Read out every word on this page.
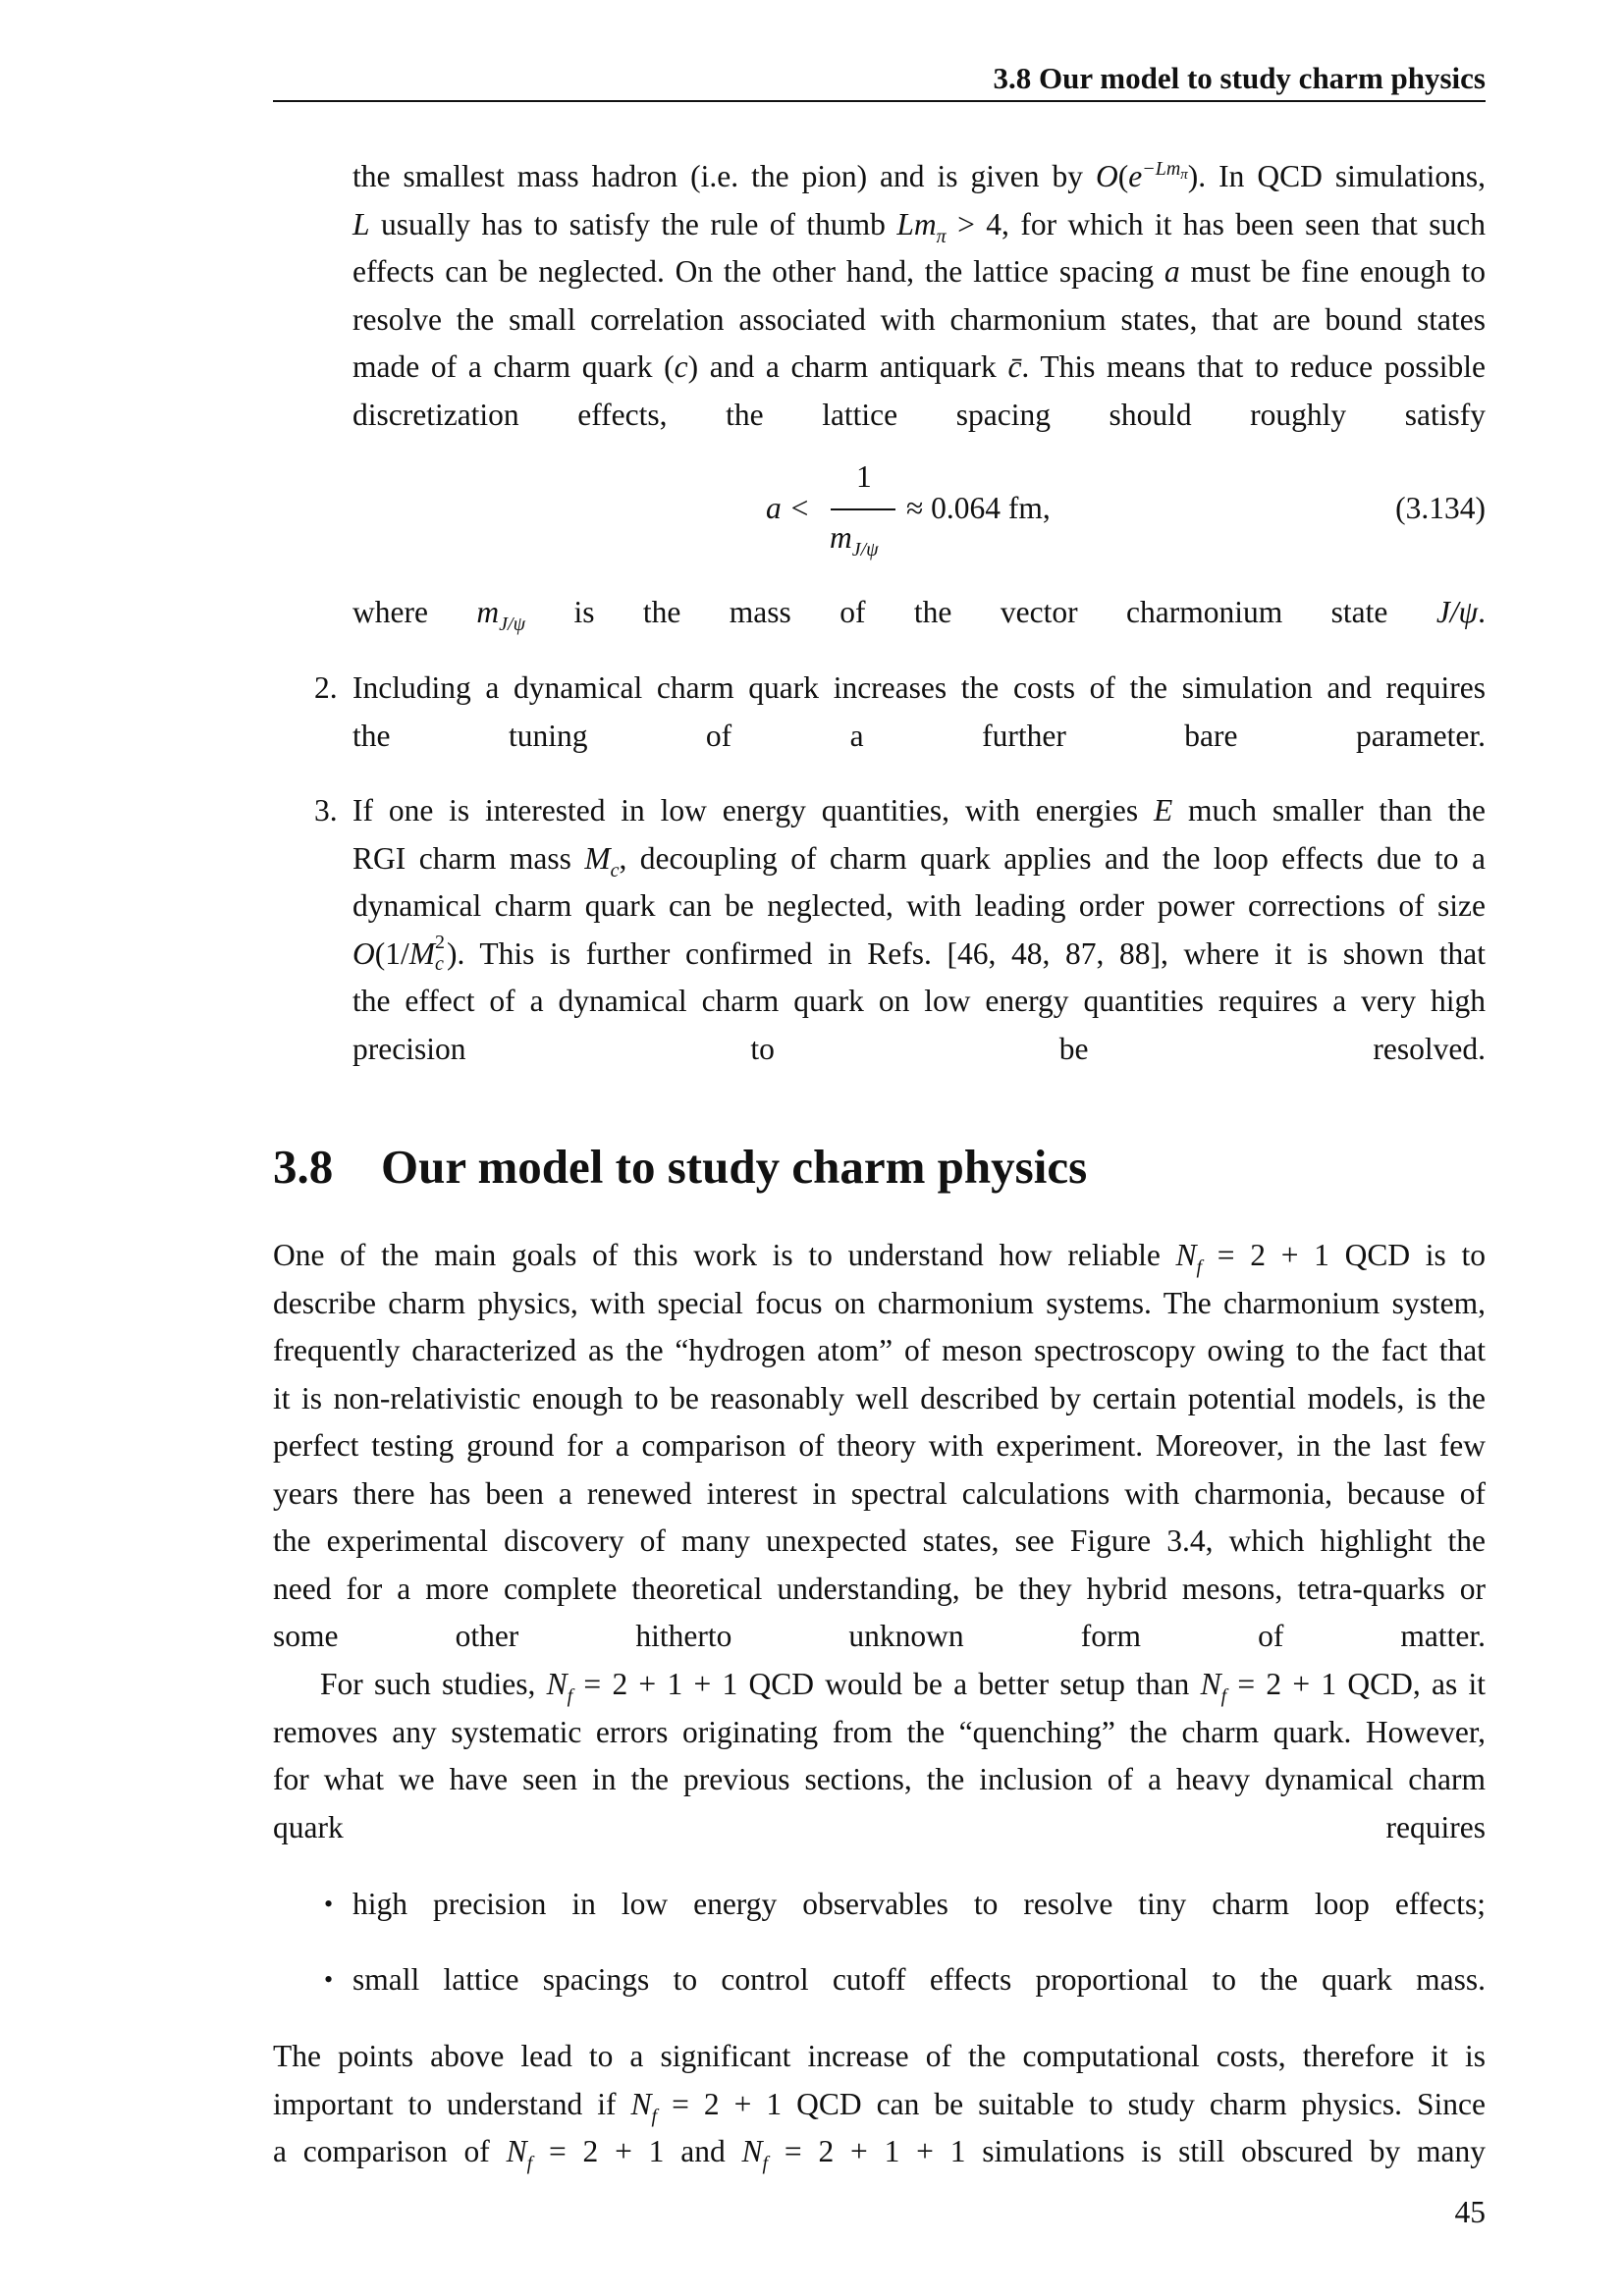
3.8 Our model to study charm physics
the smallest mass hadron (i.e. the pion) and is given by $O(e^{-Lm_\pi})$. In QCD simulations,
L usually has to satisfy the rule of thumb $Lm_\pi > 4$, for which it has been seen that such
effects can be neglected. On the other hand, the lattice spacing a must be fine enough to
resolve the small correlation associated with charmonium states, that are bound states
made of a charm quark (c) and a charm antiquark c̄. This means that to reduce possible
discretization effects, the lattice spacing should roughly satisfy
a <
1
$m_{J/\psi}$
≈ 0.064 fm,	(3.134)
where $m_{J/\psi}$ is the mass of the vector charmonium state J/ψ.
2. Including a dynamical charm quark increases the costs of the simulation and requires
the tuning of a further bare parameter.
3. If one is interested in low energy quantities, with energies E much smaller than the
RGI charm mass $M_c$, decoupling of charm quark applies and the loop effects due to a
dynamical charm quark can be neglected, with leading order power corrections of size
O(1/M 2
c ). This is further confirmed in Refs. [46, 48, 87, 88], where it is shown that
the effect of a dynamical charm quark on low energy quantities requires a very high
precision to be resolved.
3.8 Our model to study charm physics
One of the main goals of this work is to understand how reliable $N_f = 2 + 1$ QCD is to
describe charm physics, with special focus on charmonium systems. The charmonium system,
frequently characterized as the “hydrogen atom” of meson spectroscopy owing to the fact that
it is non-relativistic enough to be reasonably well described by certain potential models, is the
perfect testing ground for a comparison of theory with experiment. Moreover, in the last few
years there has been a renewed interest in spectral calculations with charmonia, because of
the experimental discovery of many unexpected states, see Figure 3.4, which highlight the
need for a more complete theoretical understanding, be they hybrid mesons, tetra-quarks or
some other hitherto unknown form of matter.
For such studies, $N_f = 2 + 1 + 1$ QCD would be a better setup than $N_f = 2 + 1$ QCD, as it
removes any systematic errors originating from the “quenching” the charm quark. However,
for what we have seen in the previous sections, the inclusion of a heavy dynamical charm
quark requires
• high precision in low energy observables to resolve tiny charm loop effects;
• small lattice spacings to control cutoff effects proportional to the quark mass.
The points above lead to a significant increase of the computational costs, therefore it is
important to understand if $N_f = 2 + 1$ QCD can be suitable to study charm physics. Since
a comparison of $N_f = 2 + 1$ and $N_f = 2 + 1 + 1$ simulations is still obscured by many
45
